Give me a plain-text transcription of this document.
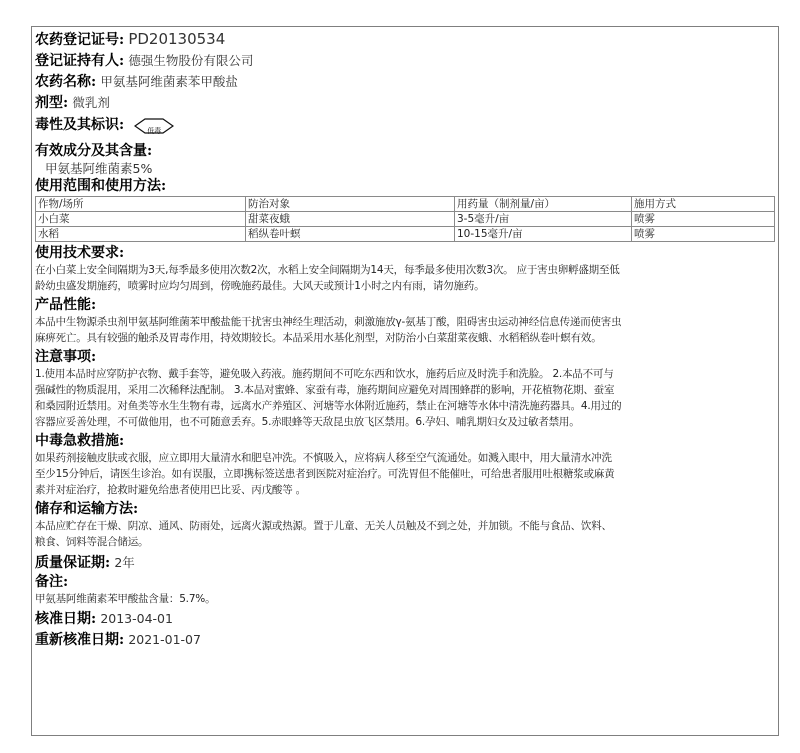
农药登记证号: PD20130534
登记证持有人: 德强生物股份有限公司
农药名称: 甲氨基阿维菌素苯甲酸盐
剂型: 微乳剂
毒性及其标识:	低毒
有效成分及其含量:
甲氨基阿维菌素5%
使用范围和使用方法:
作物/场所	防治对象	用药量（制剂量/亩）	施用方式
小白菜	甜菜夜蛾	3-5毫升/亩	喷雾
水稻	稻纵卷叶螟	10-15毫升/亩	喷雾
使用技术要求:
在小白菜上安全间隔期为3天,每季最多使用次数2次，水稻上安全间隔期为14天，每季最多使用次数3次。 应于害虫卵孵盛期至低
龄幼虫盛发期施药，喷雾时应均匀周到，傍晚施药最佳。大风天或预计1小时之内有雨，请勿施药。
产品性能:
本品中生物源杀虫剂甲氨基阿维菌苯甲酸盐能干扰害虫神经生理活动，刺激施放γ-氨基丁酸，阻碍害虫运动神经信息传递而使害虫
麻痹死亡。具有较强的触杀及胃毒作用，持效期较长。本品采用水基化剂型，对防治小白菜甜菜夜蛾、水稻稻纵卷叶螟有效。
注意事项:
1.使用本品时应穿防护衣物、戴手套等，避免吸入药液。施药期间不可吃东西和饮水，施药后应及时洗手和洗脸。 2.本品不可与
强碱性的物质混用，采用二次稀释法配制。 3.本品对蜜蜂、家蚕有毒，施药期间应避免对周围蜂群的影响，开花植物花期、蚕室
和桑园附近禁用。对鱼类等水生生物有毒，远离水产养殖区、河塘等水体附近施药，禁止在河塘等水体中清洗施药器具。4.用过的
容器应妥善处理，不可做他用，也不可随意丢弃。5.赤眼蜂等天敌昆虫放飞区禁用。6.孕妇、哺乳期妇女及过敏者禁用。
中毒急救措施:
如果药剂接触皮肤或衣服，应立即用大量清水和肥皂冲洗。不慎吸入，应将病人移至空气流通处。如溅入眼中，用大量清水冲洗
至少15分钟后，请医生诊治。如有误服，立即携标签送患者到医院对症治疗。可洗胃但不能催吐，可给患者服用吐根糖浆或麻黄
素并对症治疗，抢救时避免给患者使用巴比妥、丙戊酸等 。
储存和运输方法:
本品应贮存在干燥、阴凉、通风、防雨处，远离火源或热源。置于儿童、无关人员触及不到之处，并加锁。不能与食品、饮料、
粮食、饲料等混合储运。
质量保证期: 2年
备注:
甲氨基阿维菌素苯甲酸盐含量：5.7%。
核准日期: 2013-04-01
重新核准日期: 2021-01-07
